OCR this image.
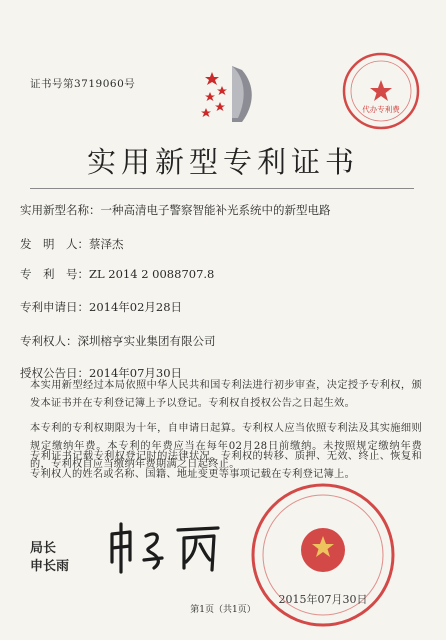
证书号第3719060号
代办专利费
实用新型专利证书
实用新型名称：一种高清电子警察智能补光系统中的新型电路
发　明　人：蔡泽杰
专　利　号：ZL 2014 2 0088707.8
专利申请日：2014年02月28日
专利权人：深圳榕亨实业集团有限公司
授权公告日：2014年07月30日
本实用新型经过本局依照中华人民共和国专利法进行初步审查，决定授予专利权，颁发本证书并在专利登记簿上予以登记。专利权自授权公告之日起生效。
本专利的专利权期限为十年，自申请日起算。专利权人应当依照专利法及其实施细则规定缴纳年费。本专利的年费应当在每年02月28日前缴纳。未按照规定缴纳年费的，专利权自应当缴纳年费期满之日起终止。
专利证书记载专利权登记时的法律状况。专利权的转移、质押、无效、终止、恢复和专利权人的姓名或名称、国籍、地址变更等事项记载在专利登记簿上。
局长
申长雨
2015年07月30日
第1页（共1页）
